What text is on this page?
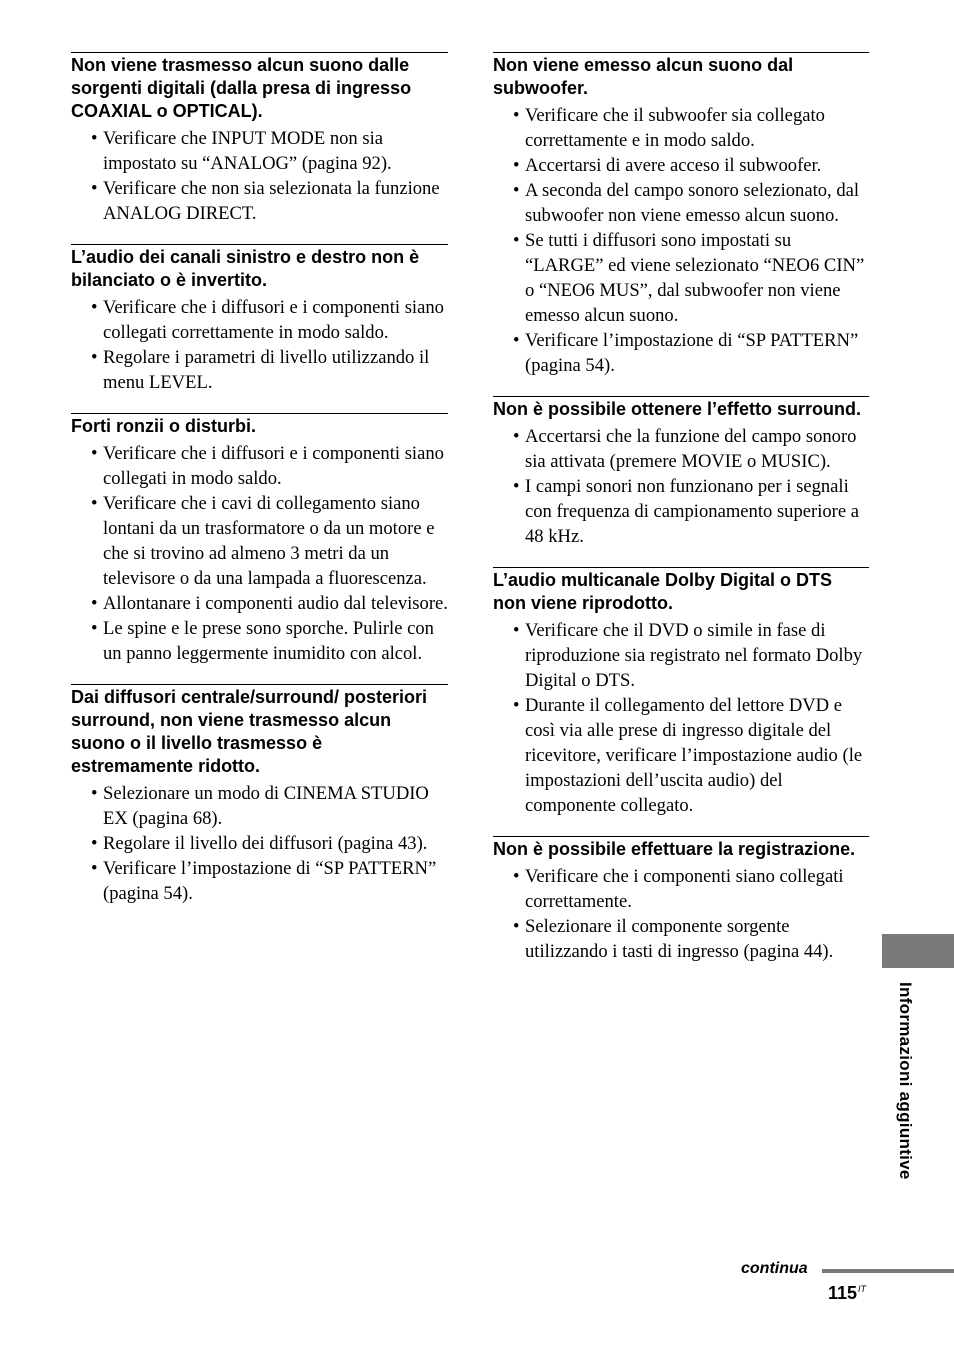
Non viene trasmesso alcun suono dalle sorgenti digitali (dalla presa di ingresso COAXIAL o OPTICAL).
• Verificare che INPUT MODE non sia impostato su “ANALOG” (pagina 92).
• Verificare che non sia selezionata la funzione ANALOG DIRECT.
L’audio dei canali sinistro e destro non è bilanciato o è invertito.
• Verificare che i diffusori e i componenti siano collegati correttamente in modo saldo.
• Regolare i parametri di livello utilizzando il menu LEVEL.
Forti ronzii o disturbi.
• Verificare che i diffusori e i componenti siano collegati in modo saldo.
• Verificare che i cavi di collegamento siano lontani da un trasformatore o da un motore e che si trovino ad almeno 3 metri da un televisore o da una lampada a fluorescenza.
• Allontanare i componenti audio dal televisore.
• Le spine e le prese sono sporche. Pulirle con un panno leggermente inumidito con alcol.
Dai diffusori centrale/surround/ posteriori surround, non viene trasmesso alcun suono o il livello trasmesso è estremamente ridotto.
• Selezionare un modo di CINEMA STUDIO EX (pagina 68).
• Regolare il livello dei diffusori (pagina 43).
• Verificare l’impostazione di “SP PATTERN” (pagina 54).
Non viene emesso alcun suono dal subwoofer.
• Verificare che il subwoofer sia collegato correttamente e in modo saldo.
• Accertarsi di avere acceso il subwoofer.
• A seconda del campo sonoro selezionato, dal subwoofer non viene emesso alcun suono.
• Se tutti i diffusori sono impostati su “LARGE” ed viene selezionato “NEO6 CIN” o “NEO6 MUS”, dal subwoofer non viene emesso alcun suono.
• Verificare l’impostazione di “SP PATTERN” (pagina 54).
Non è possibile ottenere l’effetto surround.
• Accertarsi che la funzione del campo sonoro sia attivata (premere MOVIE o MUSIC).
• I campi sonori non funzionano per i segnali con frequenza di campionamento superiore a 48 kHz.
L’audio multicanale Dolby Digital o DTS non viene riprodotto.
• Verificare che il DVD o simile in fase di riproduzione sia registrato nel formato Dolby Digital o DTS.
• Durante il collegamento del lettore DVD e così via alle prese di ingresso digitale del ricevitore, verificare l’impostazione audio (le impostazioni dell’uscita audio) del componente collegato.
Non è possibile effettuare la registrazione.
• Verificare che i componenti siano collegati correttamente.
• Selezionare il componente sorgente utilizzando i tasti di ingresso (pagina 44).
Informazioni aggiuntive
continua
$115^{IT}$
